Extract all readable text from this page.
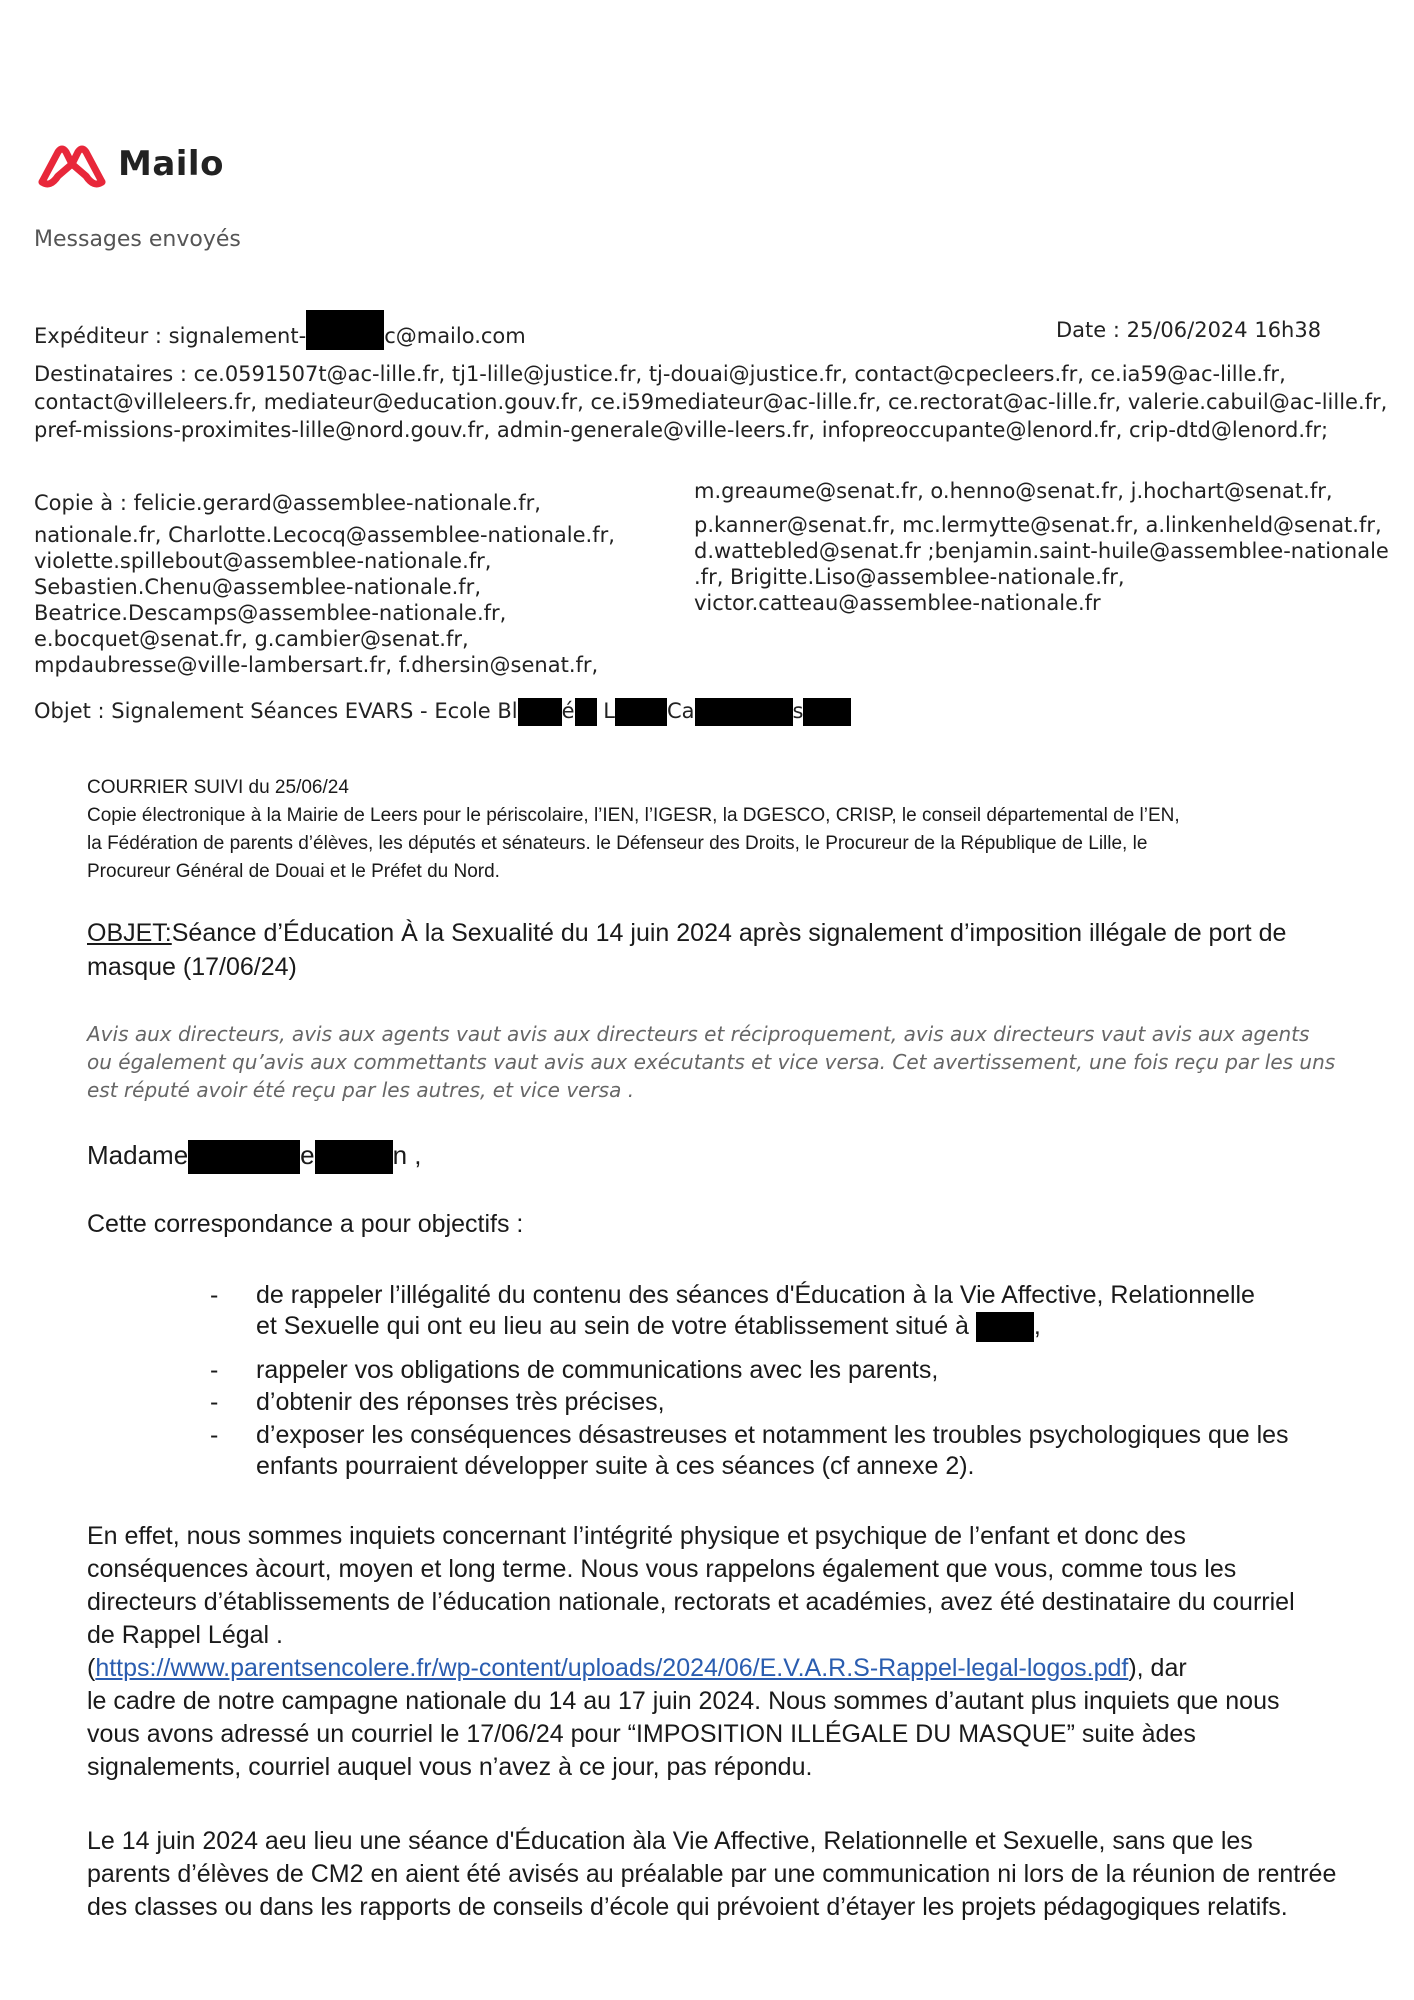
Mailo
Messages envoyés
Expéditeur : signalement-	c@mailo.com	Date : 25/06/2024 16h38
Destinataires : ce.0591507t@ac-lille.fr, tj1-lille@justice.fr, tj-douai@justice.fr, contact@cpecleers.fr, ce.ia59@ac-lille.fr, contact@villeleers.fr, mediateur@education.gouv.fr, ce.i59mediateur@ac-lille.fr, ce.rectorat@ac-lille.fr, valerie.cabuil@ac-lille.fr, pref-missions-proximites-lille@nord.gouv.fr, admin-generale@ville-leers.fr, infopreoccupante@lenord.fr, crip-dtd@lenord.fr;
Copie à : felicie.gerard@assemblee-nationale.fr,
nationale.fr, Charlotte.Lecocq@assemblee-nationale.fr,
violette.spillebout@assemblee-nationale.fr,
Sebastien.Chenu@assemblee-nationale.fr,
Beatrice.Descamps@assemblee-nationale.fr,
e.bocquet@senat.fr, g.cambier@senat.fr,
mpdaubresse@ville-lambersart.fr, f.dhersin@senat.fr,
m.greaume@senat.fr, o.henno@senat.fr, j.hochart@senat.fr,
p.kanner@senat.fr, mc.lermytte@senat.fr, a.linkenheld@senat.fr,
d.wattebled@senat.fr ;benjamin.saint-huile@assemblee-nationale
.fr, Brigitte.Liso@assemblee-nationale.fr,
victor.catteau@assemblee-nationale.fr
Objet : Signalement Séances EVARS - Ecole Bl é L Ca	s
COURRIER SUIVI du 25/06/24
Copie électronique à la Mairie de Leers pour le périscolaire, l’IEN, l’IGESR, la DGESCO, CRISP, le conseil départemental de l’EN,
la Fédération de parents d’élèves, les députés et sénateurs. le Défenseur des Droits, le Procureur de la République de Lille, le
Procureur Général de Douai et le Préfet du Nord.
OBJET:Séance d’Éducation À la Sexualité du 14 juin 2024 après signalement d’imposition illégale de port de masque (17/06/24)
Avis aux directeurs, avis aux agents vaut avis aux directeurs et réciproquement, avis aux directeurs vaut avis aux agents ou également qu’avis aux commettants vaut avis aux exécutants et vice versa. Cet avertissement, une fois reçu par les uns est réputé avoir été reçu par les autres, et vice versa .
Madame	e	n ,
Cette correspondance a pour objectifs :
- de rappeler l’illégalité du contenu des séances d'Éducation à la Vie Affective, Relationnelle
et Sexuelle qui ont eu lieu au sein de votre établissement situé à ,
- rappeler vos obligations de communications avec les parents,
- d’obtenir des réponses très précises,
- d’exposer les conséquences désastreuses et notamment les troubles psychologiques que les enfants pourraient développer suite à ces séances (cf annexe 2).
En effet, nous sommes inquiets concernant l’intégrité physique et psychique de l’enfant et donc des
conséquences àcourt, moyen et long terme. Nous vous rappelons également que vous, comme tous les
directeurs d’établissements de l’éducation nationale, rectorats et académies, avez été destinataire du courriel
de Rappel Légal .
(https://www.parentsencolere.fr/wp-content/uploads/2024/06/E.V.A.R.S-Rappel-legal-logos.pdf), dar
le cadre de notre campagne nationale du 14 au 17 juin 2024. Nous sommes d’autant plus inquiets que nous
vous avons adressé un courriel le 17/06/24 pour “IMPOSITION ILLÉGALE DU MASQUE” suite àdes
signalements, courriel auquel vous n’avez à ce jour, pas répondu.
Le 14 juin 2024 aeu lieu une séance d'Éducation àla Vie Affective, Relationnelle et Sexuelle, sans que les parents d’élèves de CM2 en aient été avisés au préalable par une communication ni lors de la réunion de rentrée des classes ou dans les rapports de conseils d’école qui prévoient d’étayer les projets pédagogiques relatifs.
